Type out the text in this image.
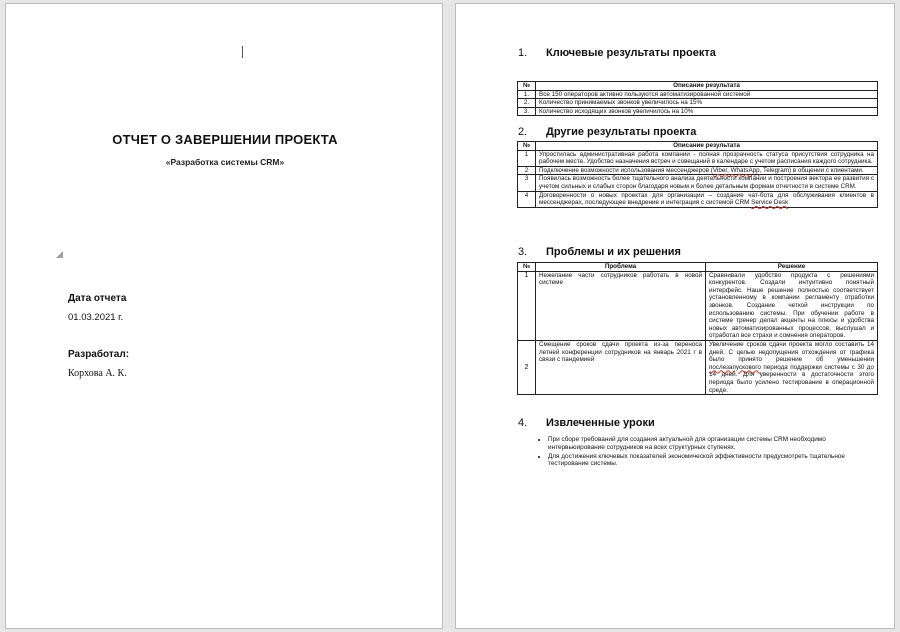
ОТЧЕТ О ЗАВЕРШЕНИИ ПРОЕКТА
«Разработка системы CRM»
Дата отчета
01.03.2021 г.
Разработал:
Корхова А. К.
1. Ключевые результаты проекта
№	Описание результата
1.	Все 150 операторов активно пользуются автоматизированной системой
2.	Количество принимаемых звонков увеличилось на 15%
3.	Количество исходящих звонков увеличилось на 10%
2. Другие результаты проекта
№	Описание результата
1	Упростилась административная работа компании - полная прозрачность статуса присутствия сотрудника на рабочем месте. Удобство назначения встреч и совещаний в календаре с учетом расписания каждого сотрудника.
2	Подключение возможности использования мессенджеров (Viber, WhatsApp, Telegram) в общении с клиентами.
3	Появилась возможность более тщательного анализа деятельности компании и построения вектора ее развития с учетом сильных и слабых сторон благодаря новым и более детальным формам отчетности в системе CRM.
4	Договоренности о новых проектах для организации – создание чат-бота для обслуживания клиентов в мессенджерах, последующее внедрение и интеграция с системой CRM Service Desk
3. Проблемы и их решения
№	Проблема	Решение
1	Нежелание части сотрудников работать в новой системе	Сравнивали удобство продукта с решениями конкурентов. Создали интуитивно понятный интерфейс. Наше решение полностью соответствует установленному в компании регламенту отработки звонков. Создание четкой инструкции по использованию системы. При обучении работе в системе тренер делал акценты на плюсы и удобства новых автоматизированных процессов, выслушал и отработал все страхи и сомнения операторов.
2	Смещение сроков сдачи проекта из-за переноса летней конференции сотрудников на январь 2021 г в связи с пандемией	Увеличение сроков сдачи проекта могло составить 14 дней. С целью недопущения отхождения от графика было принято решение об уменьшении послезапускового периода поддержки системы с 30 до 14 дней. Для уверенности в достаточности этого периода было усилено тестирование в операционной среде.
4. Извлеченные уроки
• При сборе требований для создания актуальной для организации системы CRM необходимо интервьюирование сотрудников на всех структурных ступенях.
• Для достижения ключевых показателей экономической эффективности предусмотреть тщательное тестирование системы.
